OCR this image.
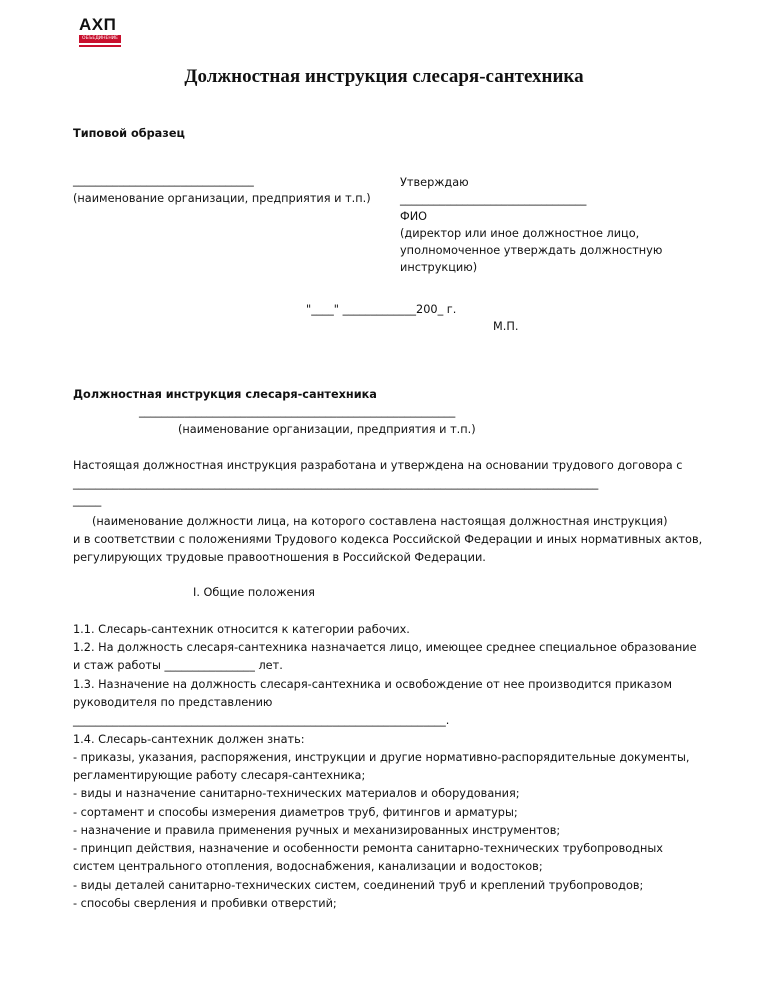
АХП
ОБЪЕДИНЕНИЕ
Должностная инструкция слесаря-сантехника
Типовой образец
________________________________
(наименование организации, предприятия и т.п.)
Утверждаю
_________________________________
ФИО
(директор или иное должностное лицо,
уполномоченное утверждать должностную
инструкцию)
"____" _____________200_ г.
М.П.
Должностная инструкция слесаря-сантехника
________________________________________________________
(наименование организации, предприятия и т.п.)
Настоящая должностная инструкция разработана и утверждена на основании трудового договора с
_____________________________________________________________________________________________
_____
(наименование должности лица, на которого составлена настоящая должностная инструкция)
и в соответствии с положениями Трудового кодекса Российской Федерации и иных нормативных актов,
регулирующих трудовые правоотношения в Российской Федерации.
I. Общие положения
1.1. Слесарь-сантехник относится к категории рабочих.
1.2. На должность слесаря-сантехника назначается лицо, имеющее среднее специальное образование
и стаж работы ________________ лет.
1.3. Назначение на должность слесаря-сантехника и освобождение от нее производится приказом
руководителя по представлению
__________________________________________________________________.
1.4. Слесарь-сантехник должен знать:
- приказы, указания, распоряжения, инструкции и другие нормативно-распорядительные документы,
регламентирующие работу слесаря-сантехника;
- виды и назначение санитарно-технических материалов и оборудования;
- сортамент и способы измерения диаметров труб, фитингов и арматуры;
- назначение и правила применения ручных и механизированных инструментов;
- принцип действия, назначение и особенности ремонта санитарно-технических трубопроводных
систем центрального отопления, водоснабжения, канализации и водостоков;
- виды деталей санитарно-технических систем, соединений труб и креплений трубопроводов;
- способы сверления и пробивки отверстий;
